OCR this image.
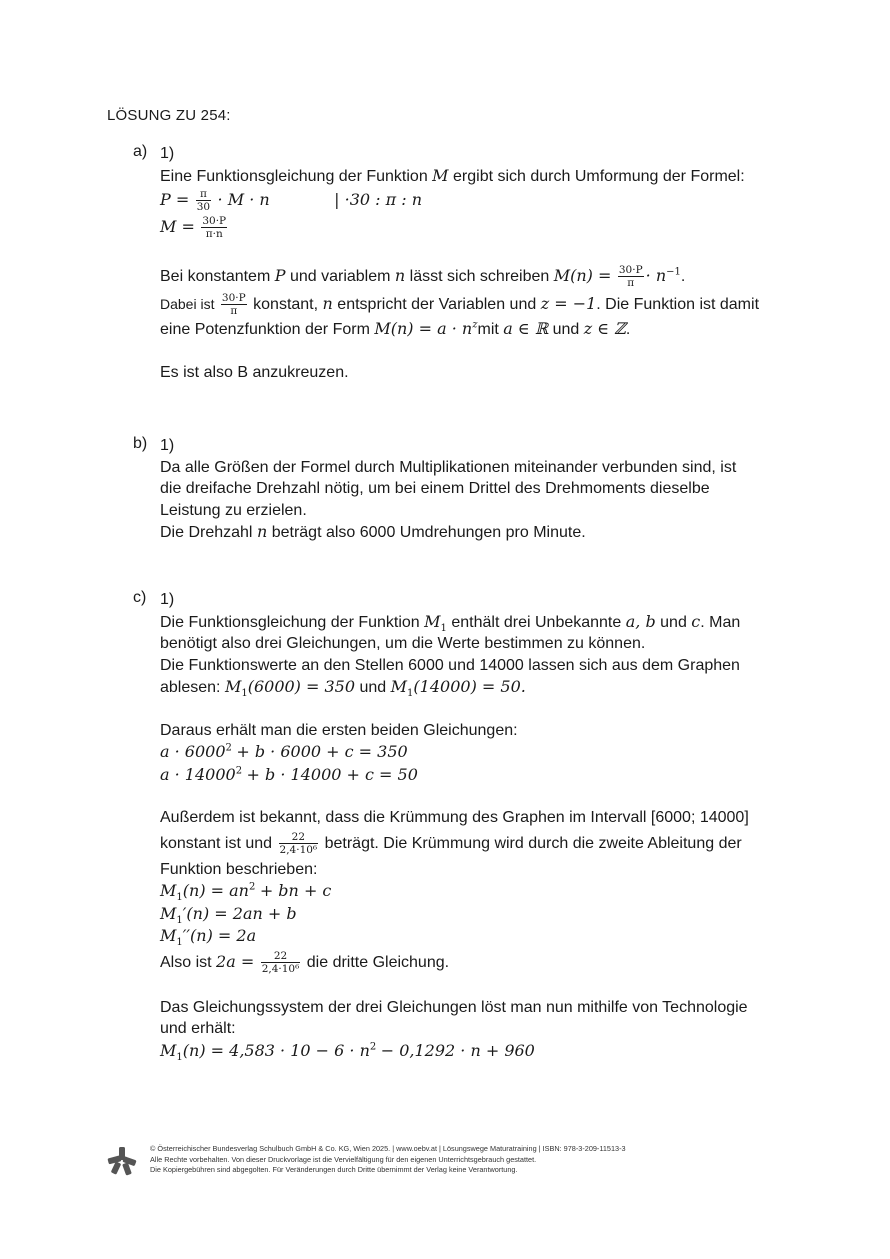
LÖSUNG ZU 254:
a) 1)
Eine Funktionsgleichung der Funktion M ergibt sich durch Umformung der Formel:
$P = \frac{\pi}{30} \cdot M \cdot n$	| ·30 : π : n
$M = \frac{30\cdot P}{\pi\cdot n}$
Bei konstantem P und variablem n lässt sich schreiben $M(n) = \frac{30\cdot P}{\pi} \cdot n^{-1}$.
Dabei ist $\frac{30\cdot P}{\pi}$ konstant, n entspricht der Variablen und z = −1. Die Funktion ist damit
eine Potenzfunktion der Form $M(n) = a \cdot n^zmit$ a ∈ ℝ und z ∈ ℤ.
Es ist also B anzukreuzen.
b) 1)
Da alle Größen der Formel durch Multiplikationen miteinander verbunden sind, ist
die dreifache Drehzahl nötig, um bei einem Drittel des Drehmoments dieselbe
Leistung zu erzielen.
Die Drehzahl n beträgt also 6000 Umdrehungen pro Minute.
c) 1)
Die Funktionsgleichung der Funktion $M_1$ enthält drei Unbekannte a, b und c. Man
benötigt also drei Gleichungen, um die Werte bestimmen zu können.
Die Funktionswerte an den Stellen 6000 und 14000 lassen sich aus dem Graphen
ablesen: $M_1(6000) = 350$ und $M_1(14000) = 50$.
Daraus erhält man die ersten beiden Gleichungen:
$a \cdot 6000^2 + b \cdot 6000 + c = 350$
$a \cdot 14000^2 + b \cdot 14000 + c = 50$
Außerdem ist bekannt, dass die Krümmung des Graphen im Intervall [6000; 14000]
konstant ist und $\frac{22}{\text{2,4·10⁶}}$ beträgt. Die Krümmung wird durch die zweite Ableitung der
Funktion beschrieben:
$M_1(n) = an^2$ + bn + c
$M_1'(n) = 2an + b$
$M_1''(n) = 2a$
Also ist $2a = \frac{22}{\text{2,4·10⁶}}$ die dritte Gleichung.
Das Gleichungssystem der drei Gleichungen löst man nun mithilfe von Technologie
und erhält:
$M_1(n) = 4,583 \cdot 10 - 6 \cdot n^2 - 0,1292 \cdot n + 960$
© Österreichischer Bundesverlag Schulbuch GmbH & Co. KG, Wien 2025. | www.oebv.at | Lösungswege Maturatraining | ISBN: 978-3-209-11513-3
Alle Rechte vorbehalten. Von dieser Druckvorlage ist die Vervielfältigung für den eigenen Unterrichtsgebrauch gestattet.
Die Kopiergebühren sind abgegolten. Für Veränderungen durch Dritte übernimmt der Verlag keine Verantwortung.
